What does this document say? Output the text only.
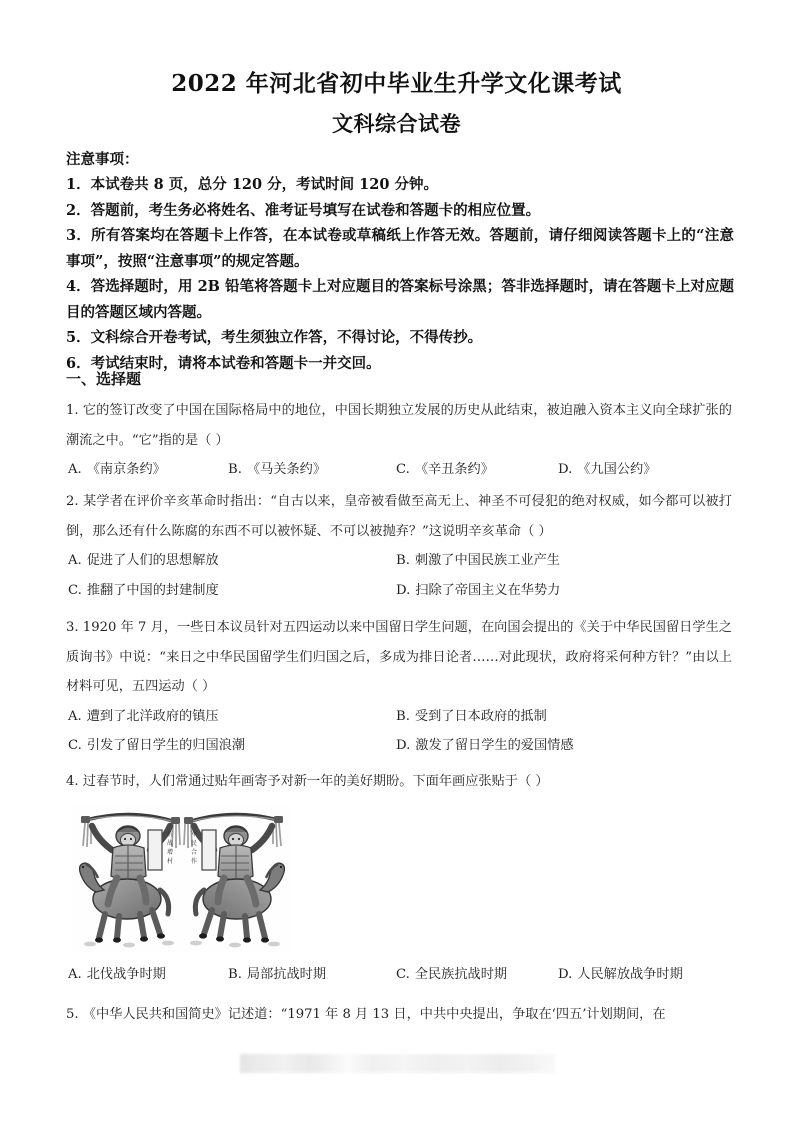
2022 年河北省初中毕业生升学文化课考试
文科综合试卷
注意事项：
1．本试卷共 8 页，总分 120 分，考试时间 120 分钟。
2．答题前，考生务必将姓名、准考证号填写在试卷和答题卡的相应位置。
3．所有答案均在答题卡上作答，在本试卷或草稿纸上作答无效。答题前，请仔细阅读答题卡上的“注意事项”，按照“注意事项”的规定答题。
4．答选择题时，用 2B 铅笔将答题卡上对应题目的答案标号涂黑；答非选择题时，请在答题卡上对应题目的答题区域内答题。
5．文科综合开卷考试，考生须独立作答，不得讨论，不得传抄。
6．考试结束时，请将本试卷和答题卡一并交回。
一、选择题
1. 它的签订改变了中国在国际格局中的地位，中国长期独立发展的历史从此结束，被迫融入资本主义向全球扩张的潮流之中。“它”指的是（ ）
A. 《南京条约》	B. 《马关条约》	C. 《辛丑条约》	D. 《九国公约》
2. 某学者在评价辛亥革命时指出：“自古以来，皇帝被看做至高无上、神圣不可侵犯的绝对权威，如今都可以被打倒，那么还有什么陈腐的东西不可以被怀疑、不可以被抛弃？”这说明辛亥革命（ ）
A. 促进了人们的思想解放	B. 刺激了中国民族工业产生
C. 推翻了中国的封建制度	D. 扫除了帝国主义在华势力
3. 1920 年 7 月，一些日本议员针对五四运动以来中国留日学生问题，在向国会提出的《关于中华民国留日学生之质询书》中说：“来日之中华民国留学生们归国之后，多成为排日论者……对此现状，政府将采何种方针？”由以上材料可见，五四运动（ ）
A. 遭到了北洋政府的镇压	B. 受到了日本政府的抵制
C. 引发了留日学生的归国浪潮	D. 激发了留日学生的爱国情感
4. 过春节时，人们常通过贴年画寄予对新一年的美好期盼。下面年画应张贴于（ ）
抗
战
增
村
军
民
合
作
A. 北伐战争时期	B. 局部抗战时期	C. 全民族抗战时期	D. 人民解放战争时期
5. 《中华人民共和国简史》记述道：“1971 年 8 月 13 日，中共中央提出，争取在‘四五’计划期间，在
